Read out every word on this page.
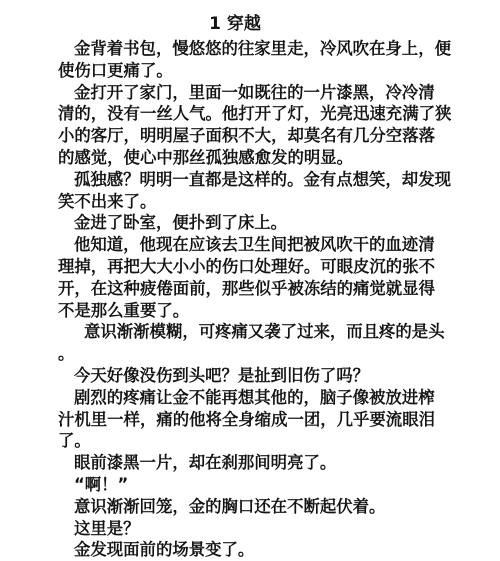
1 穿越
金背着书包，慢悠悠的往家里走，冷风吹在身上，便
使伤口更痛了。
金打开了家门，里面一如既往的一片漆黑，冷冷清
清的，没有一丝人气。他打开了灯，光亮迅速充满了狭
小的客厅，明明屋子面积不大，却莫名有几分空落落
的感觉，使心中那丝孤独感愈发的明显。
孤独感？明明一直都是这样的。金有点想笑，却发现
笑不出来了。
金进了卧室，便扑到了床上。
他知道，他现在应该去卫生间把被风吹干的血迹清
理掉，再把大大小小的伤口处理好。可眼皮沉的张不
开，在这种疲倦面前，那些似乎被冻结的痛觉就显得
不是那么重要了。
意识渐渐模糊，可疼痛又袭了过来，而且疼的是头
。
今天好像没伤到头吧？是扯到旧伤了吗？
剧烈的疼痛让金不能再想其他的，脑子像被放进榨
汁机里一样，痛的他将全身缩成一团，几乎要流眼泪
了。
眼前漆黑一片，却在刹那间明亮了。
“啊！”
意识渐渐回笼，金的胸口还在不断起伏着。
这里是？
金发现面前的场景变了。
